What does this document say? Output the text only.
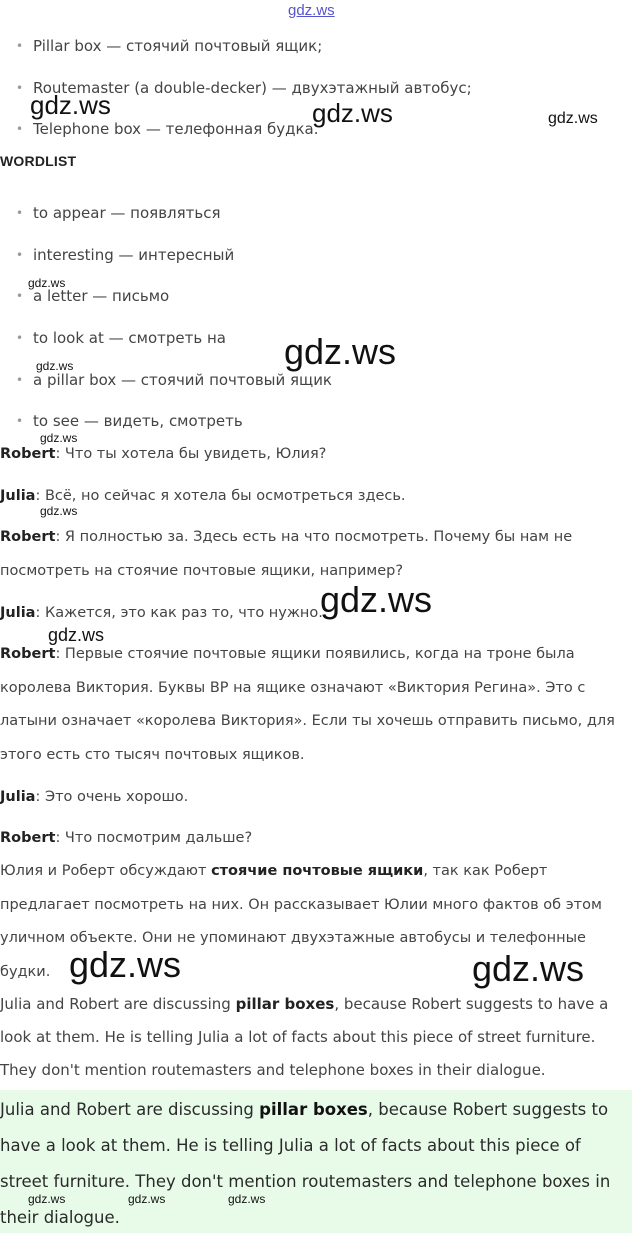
gdz.ws
gdz.ws	gdz.ws	gdz.ws
gdz.ws
gdz.ws
gdz.ws
gdz.ws
gdz.ws
gdz.ws
gdz.ws
gdz.ws	gdz.ws
gdz.ws	gdz.ws	gdz.ws
• Pillar box — стоячий почтовый ящик;
• Routemaster (a double-decker) — двухэтажный автобус;
• Telephone box — телефонная будка.
WORDLIST
• to appear — появляться
• interesting — интересный
• a letter — письмо
• to look at — смотреть на
• a pillar box — стоячий почтовый ящик
• to see — видеть, смотреть
Robert: Что ты хотела бы увидеть, Юлия?
Julia: Всё, но сейчас я хотела бы осмотреться здесь.
Robert: Я полностью за. Здесь есть на что посмотреть. Почему бы нам не посмотреть на стоячие почтовые ящики, например?
Julia: Кажется, это как раз то, что нужно.
Robert: Первые стоячие почтовые ящики появились, когда на троне была королева Виктория. Буквы BP на ящике означают «Виктория Регина». Это с латыни означает «королева Виктория». Если ты хочешь отправить письмо, для этого есть сто тысяч почтовых ящиков.
Julia: Это очень хорошо.
Robert: Что посмотрим дальше?
Юлия и Роберт обсуждают стоячие почтовые ящики, так как Роберт предлагает посмотреть на них. Он рассказывает Юлии много фактов об этом уличном объекте. Они не упоминают двухэтажные автобусы и телефонные будки.
Julia and Robert are discussing pillar boxes, because Robert suggests to have a look at them. He is telling Julia a lot of facts about this piece of street furniture. They don't mention routemasters and telephone boxes in their dialogue.
Julia and Robert are discussing pillar boxes, because Robert suggests to have a look at them. He is telling Julia a lot of facts about this piece of street furniture. They don't mention routemasters and telephone boxes in their dialogue.
